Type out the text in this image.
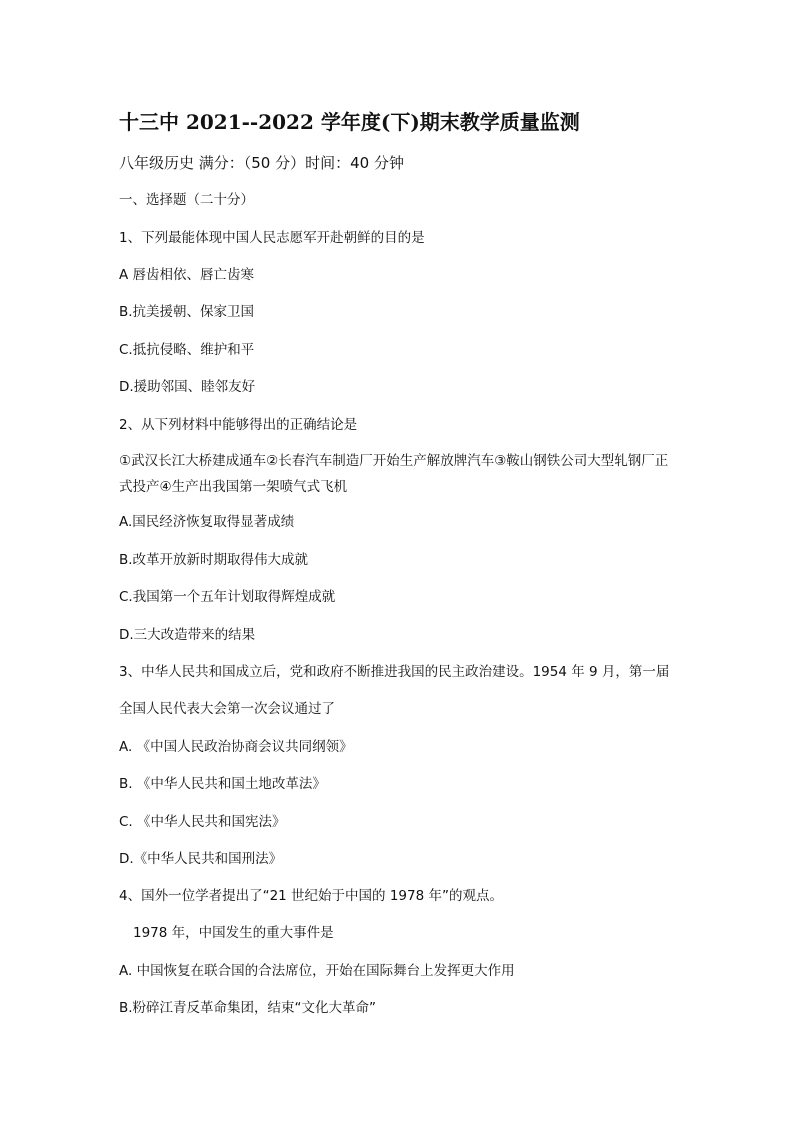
十三中 2021--2022 学年度(下)期末教学质量监测
八年级历史 满分：（50 分）时间：40 分钟
一、选择题（二十分）
1、下列最能体现中国人民志愿军开赴朝鲜的目的是
A 唇齿相依、唇亡齿寒
B.抗美援朝、保家卫国
C.抵抗侵略、维护和平
D.援助邻国、睦邻友好
2、从下列材料中能够得出的正确结论是
①武汉长江大桥建成通车②长春汽车制造厂开始生产解放牌汽车③鞍山钢铁公司大型轧钢厂正式投产④生产出我国第一架喷气式飞机
A.国民经济恢复取得显著成绩
B.改革开放新时期取得伟大成就
C.我国第一个五年计划取得辉煌成就
D.三大改造带来的结果
3、中华人民共和国成立后，党和政府不断推进我国的民主政治建设。1954 年 9 月，第一届
全国人民代表大会第一次会议通过了
A. 《中国人民政治协商会议共同纲领》
B. 《中华人民共和国土地改革法》
C. 《中华人民共和国宪法》
D.《中华人民共和国刑法》
4、国外一位学者提出了“21 世纪始于中国的 1978 年”的观点。
1978 年，中国发生的重大事件是
A. 中国恢复在联合国的合法席位，开始在国际舞台上发挥更大作用
B.粉碎江青反革命集团，结束“文化大革命”
